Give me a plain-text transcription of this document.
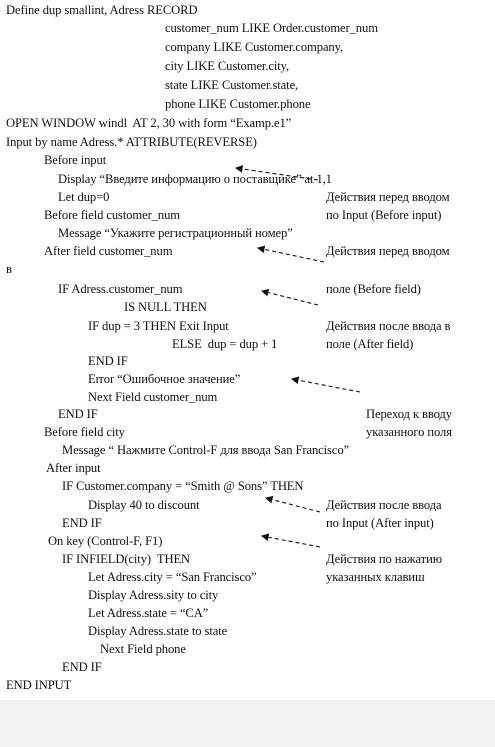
Define dup smallint, Adress RECORD
customer_num LIKE Order.customer_num
company LIKE Customer.company,
city LIKE Customer.city,
state LIKE Customer.state,
phone LIKE Customer.phone
OPEN WINDOW windl  AT 2, 30 with form “Examp.e1”
Input by name Adress.* ATTRIBUTE(REVERSE)
Before input
Display “Введите информацию о поставщике” at 1,1
Let dup=0
Before field customer_num
Message “Укажите регистрационный номер”
After field customer_num
в
IF Adress.customer_num
IS NULL THEN
IF dup = 3 THEN Exit Input
ELSE  dup = dup + 1
END IF
Error “Ошибочное значение”
Next Field customer_num
END IF
Before field city
Message “ Нажмите Control-F для ввода San Francisco”
After input
IF Customer.company = “Smith @ Sons” THEN
Display 40 to discount
END IF
On key (Control-F, F1)
IF INFIELD(city)  THEN
Let Adress.city = “San Francisco”
Display Adress.sity to city
Let Adress.state = “CA”
Display Adress.state to state
Next Field phone
END IF
END INPUT
Действия перед вводом
по Input (Before input)
Действия перед вводом
поле (Before field)
Действия после ввода в
поле (After field)
Переход к вводу
указанного поля
Действия после ввода
по Input (After input)
Действия по нажатию
указанных клавиш
